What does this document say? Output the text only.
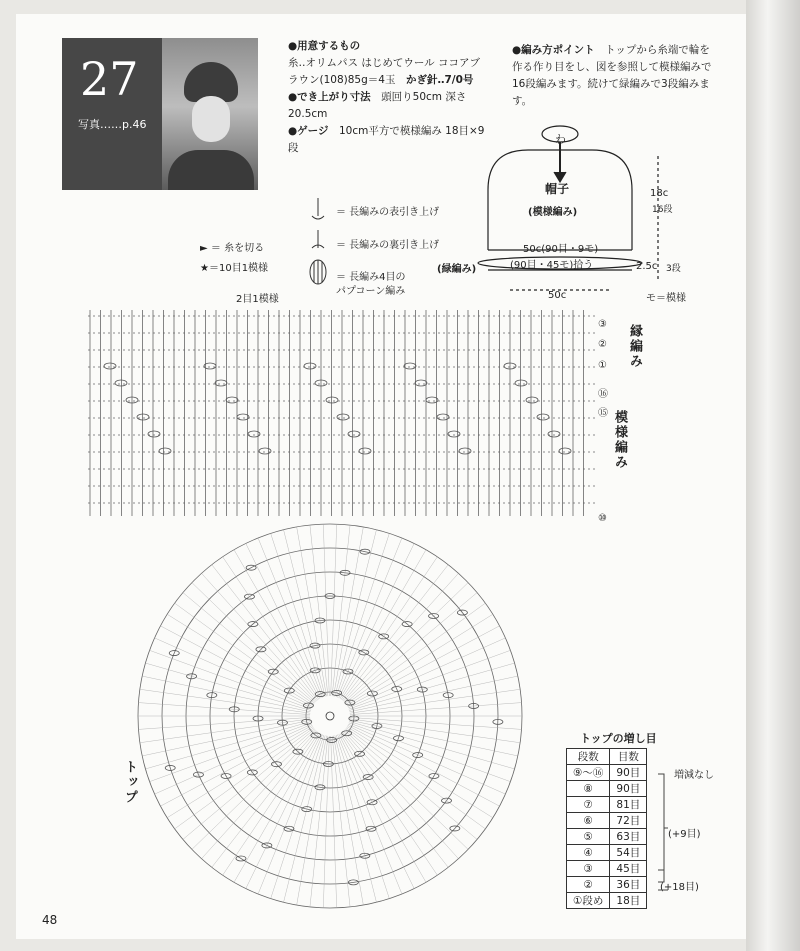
27
写真‥‥‥p.46
●用意するもの
糸‥オリムパス はじめてウール ココアブ
ラウン(108)85g＝4玉　 かぎ針‥7/0号
●でき上がり寸法　 頭回り50cm 深さ
20.5cm
●ゲージ　 10cm平方で模様編み 18目×9
段
●編み方ポイント　 トップから糸端で輪を
作る作り目をし、図を参照して模様編みで
16段編みます。続けて緑編みで3段編みま
す。
＝ 長編みの表引き上げ
＝ 長編みの裏引き上げ
＝ 長編み4目の
パプコーン編み
► ＝ 糸を切る
★＝10目1模様
わ
帽子
(模様編み)
50c(90目・9モ)
(90目・45モ)拾う
(緑編み)
50c
18c
16段
2.5c 3段
モ＝模様
2目1模様
縁編み
模様編み
トップ
③
②
①
⑯
⑮
⑩
トップの増し目
段数	目数
⑨〜⑯	90目
⑧	90目
⑦	81目
⑥	72目
⑤	63目
④	54目
③	45目
②	36目
①段め	18目
増減なし
(+9目)
(+18目)
48
